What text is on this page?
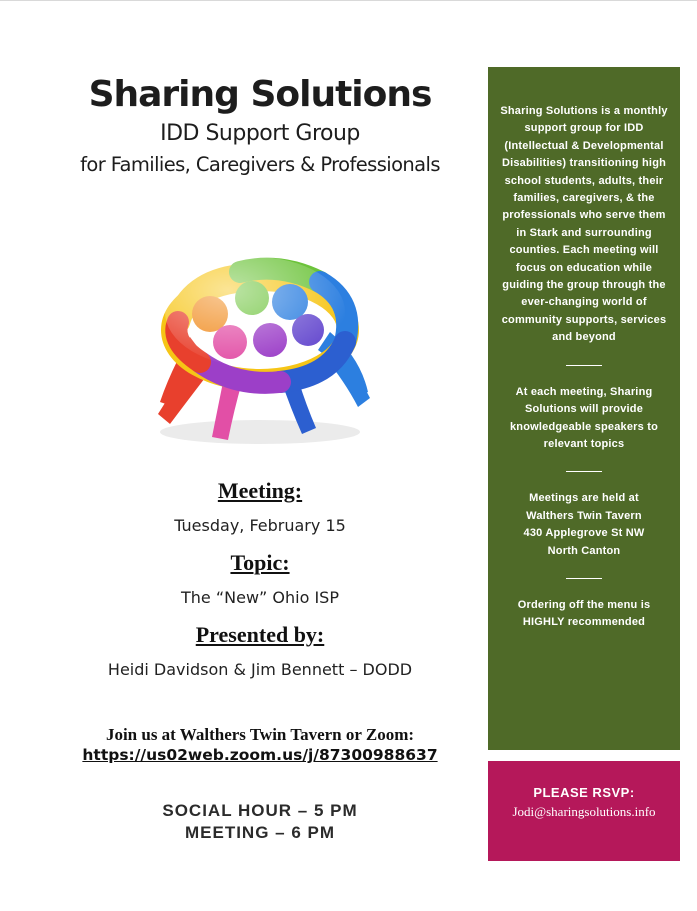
Sharing Solutions

IDD Support Group

for Families, Caregivers & Professionals

Meeting:
Tuesday, February 15
Topic:
The “New” Ohio ISP
Presented by:
Heidi Davidson & Jim Bennett – DODD
Join us at Walthers Twin Tavern or Zoom:
https://us02web.zoom.us/j/87300988637
SOCIAL HOUR – 5 PM
MEETING – 6 PM

Sharing Solutions is a monthly support group for IDD (Intellectual & Developmental Disabilities) transitioning high school students, adults, their families, caregivers, & the professionals who serve them in Stark and surrounding counties. Each meeting will focus on education while guiding the group through the ever-changing world of community supports, services and beyond

At each meeting, Sharing Solutions will provide knowledgeable speakers to relevant topics

Meetings are held at
Walthers Twin Tavern
430 Applegrove St NW
North Canton

Ordering off the menu is HIGHLY recommended

PLEASE RSVP:

Jodi@sharingsolutions.info
